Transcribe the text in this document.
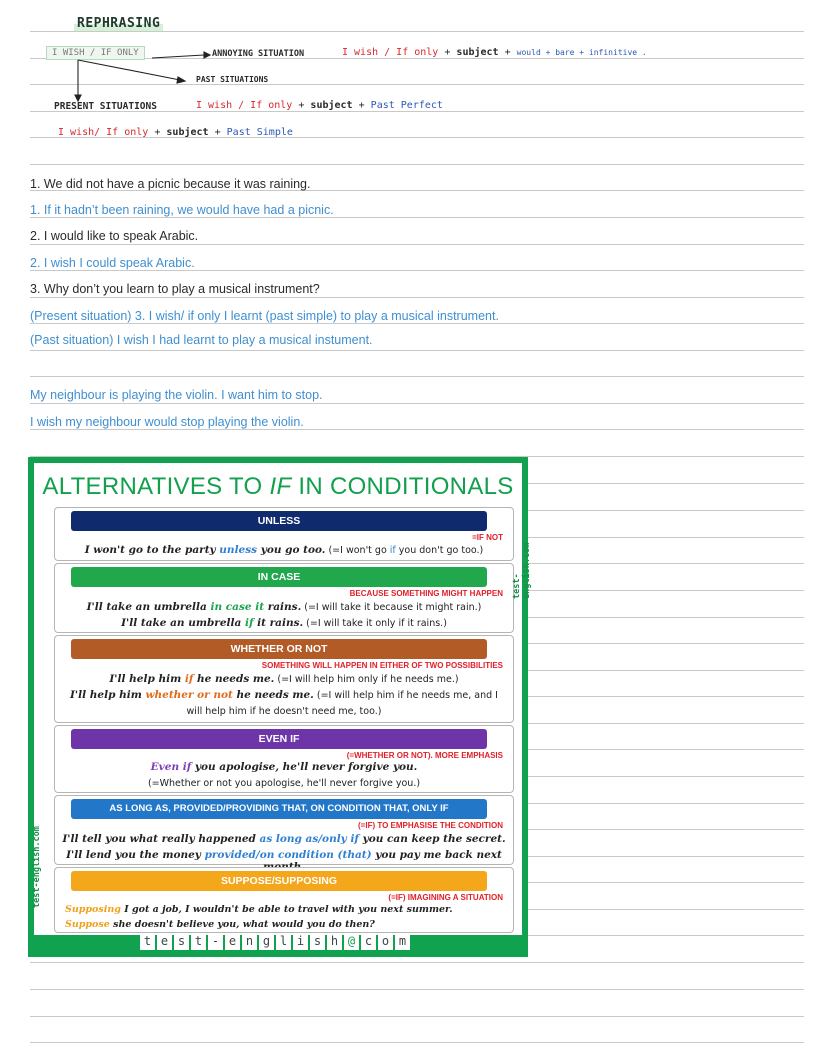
REPHRASING
I WISH / IF ONLY	ANNOYING SITUATION	I wish / If only + subject + would + bare + infinitive .
PAST SITUATIONS
PRESENT SITUATIONS	I wish / If only + subject + Past Perfect
I wish/ If only + subject + Past Simple
1. We did not have a picnic because it was raining.
1. If it hadn’t been raining, we would have had a picnic.
2. I would like to speak Arabic.
2. I wish I could speak Arabic.
3. Why don’t you learn to play a musical instrument?
(Present situation) 3. I wish/ if only I learnt (past simple) to play a musical instrument.
(Past situation) I wish I had learnt to play a musical instument.
My neighbour is playing the violin. I want him to stop.
I wish my neighbour would stop playing the violin.
ALTERNATIVES TO IF IN CONDITIONALS
UNLESS
=IF NOT
I won't go to the party unless you go too. (=I won't go if you don't go too.)
IN CASE
BECAUSE SOMETHING MIGHT HAPPEN
I'll take an umbrella in case it rains. (=I will take it because it might rain.)
I'll take an umbrella if it rains. (=I will take it only if it rains.)
WHETHER OR NOT
SOMETHING WILL HAPPEN IN EITHER OF TWO POSSIBILITIES
I'll help him if he needs me. (=I will help him only if he needs me.)
I'll help him whether or not he needs me. (=I will help him if he needs me, and I
will help him if he doesn't need me, too.)
EVEN IF
(=WHETHER OR NOT). MORE EMPHASIS
Even if you apologise, he'll never forgive you.
(=Whether or not you apologise, he'll never forgive you.)
AS LONG AS, PROVIDED/PROVIDING THAT, ON CONDITION THAT, ONLY IF
(=IF) TO EMPHASISE THE CONDITION
I'll tell you what really happened as long as/only if you can keep the secret.
I'll lend you the money provided/on condition (that) you pay me back next
SUPPOSE/SUPPOSING
(=IF) IMAGINING A SITUATION
Supposing I got a job, I wouldn't be able to travel with you next summer.
Suppose she doesn't believe you, what would you do then?
test-english.com
test-english.com
t e s t - e n g l i s h @ c o m
